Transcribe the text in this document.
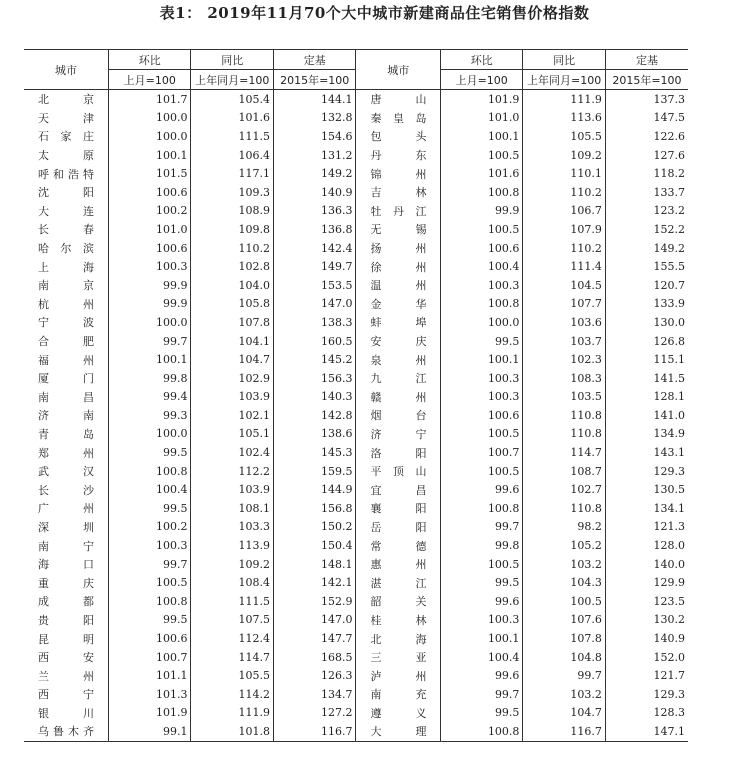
表1： 2019年11月70个大中城市新建商品住宅销售价格指数
城市	环比	同比	定基	城市	环比	同比	定基
	上月=100	上年同月=100	2015年=100		上月=100	上年同月=100	2015年=100
北　京	101.7	105.4	144.1	唐　山	101.9	111.9	137.3
天　津	100.0	101.6	132.8	秦皇岛	101.0	113.6	147.5
石家庄	100.0	111.5	154.6	包　头	100.1	105.5	122.6
太　原	100.1	106.4	131.2	丹　东	100.5	109.2	127.6
呼和浩特	101.5	117.1	149.2	锦　州	101.6	110.1	118.2
沈　阳	100.6	109.3	140.9	吉　林	100.8	110.2	133.7
大　连	100.2	108.9	136.3	牡丹江	99.9	106.7	123.2
长　春	101.0	109.8	136.8	无　锡	100.5	107.9	152.2
哈尔滨	100.6	110.2	142.4	扬　州	100.6	110.2	149.2
上　海	100.3	102.8	149.7	徐　州	100.4	111.4	155.5
南　京	99.9	104.0	153.5	温　州	100.3	104.5	120.7
杭　州	99.9	105.8	147.0	金　华	100.8	107.7	133.9
宁　波	100.0	107.8	138.3	蚌　埠	100.0	103.6	130.0
合　肥	99.7	104.1	160.5	安　庆	99.5	103.7	126.8
福　州	100.1	104.7	145.2	泉　州	100.1	102.3	115.1
厦　门	99.8	102.9	156.3	九　江	100.3	108.3	141.5
南　昌	99.4	103.9	140.3	赣　州	100.3	103.5	128.1
济　南	99.3	102.1	142.8	烟　台	100.6	110.8	141.0
青　岛	100.0	105.1	138.6	济　宁	100.5	110.8	134.9
郑　州	99.5	102.4	145.3	洛　阳	100.7	114.7	143.1
武　汉	100.8	112.2	159.5	平顶山	100.5	108.7	129.3
长　沙	100.4	103.9	144.9	宜　昌	99.6	102.7	130.5
广　州	99.5	108.1	156.8	襄　阳	100.8	110.8	134.1
深　圳	100.2	103.3	150.2	岳　阳	99.7	98.2	121.3
南　宁	100.3	113.9	150.4	常　德	99.8	105.2	128.0
海　口	99.7	109.2	148.1	惠　州	100.5	103.2	140.0
重　庆	100.5	108.4	142.1	湛　江	99.5	104.3	129.9
成　都	100.8	111.5	152.9	韶　关	99.6	100.5	123.5
贵　阳	99.5	107.5	147.0	桂　林	100.3	107.6	130.2
昆　明	100.6	112.4	147.7	北　海	100.1	107.8	140.9
西　安	100.7	114.7	168.5	三　亚	100.4	104.8	152.0
兰　州	101.1	105.5	126.3	泸　州	99.6	99.7	121.7
西　宁	101.3	114.2	134.7	南　充	99.7	103.2	129.3
银　川	101.9	111.9	127.2	遵　义	99.5	104.7	128.3
乌鲁木齐	99.1	101.8	116.7	大　理	100.8	116.7	147.1
